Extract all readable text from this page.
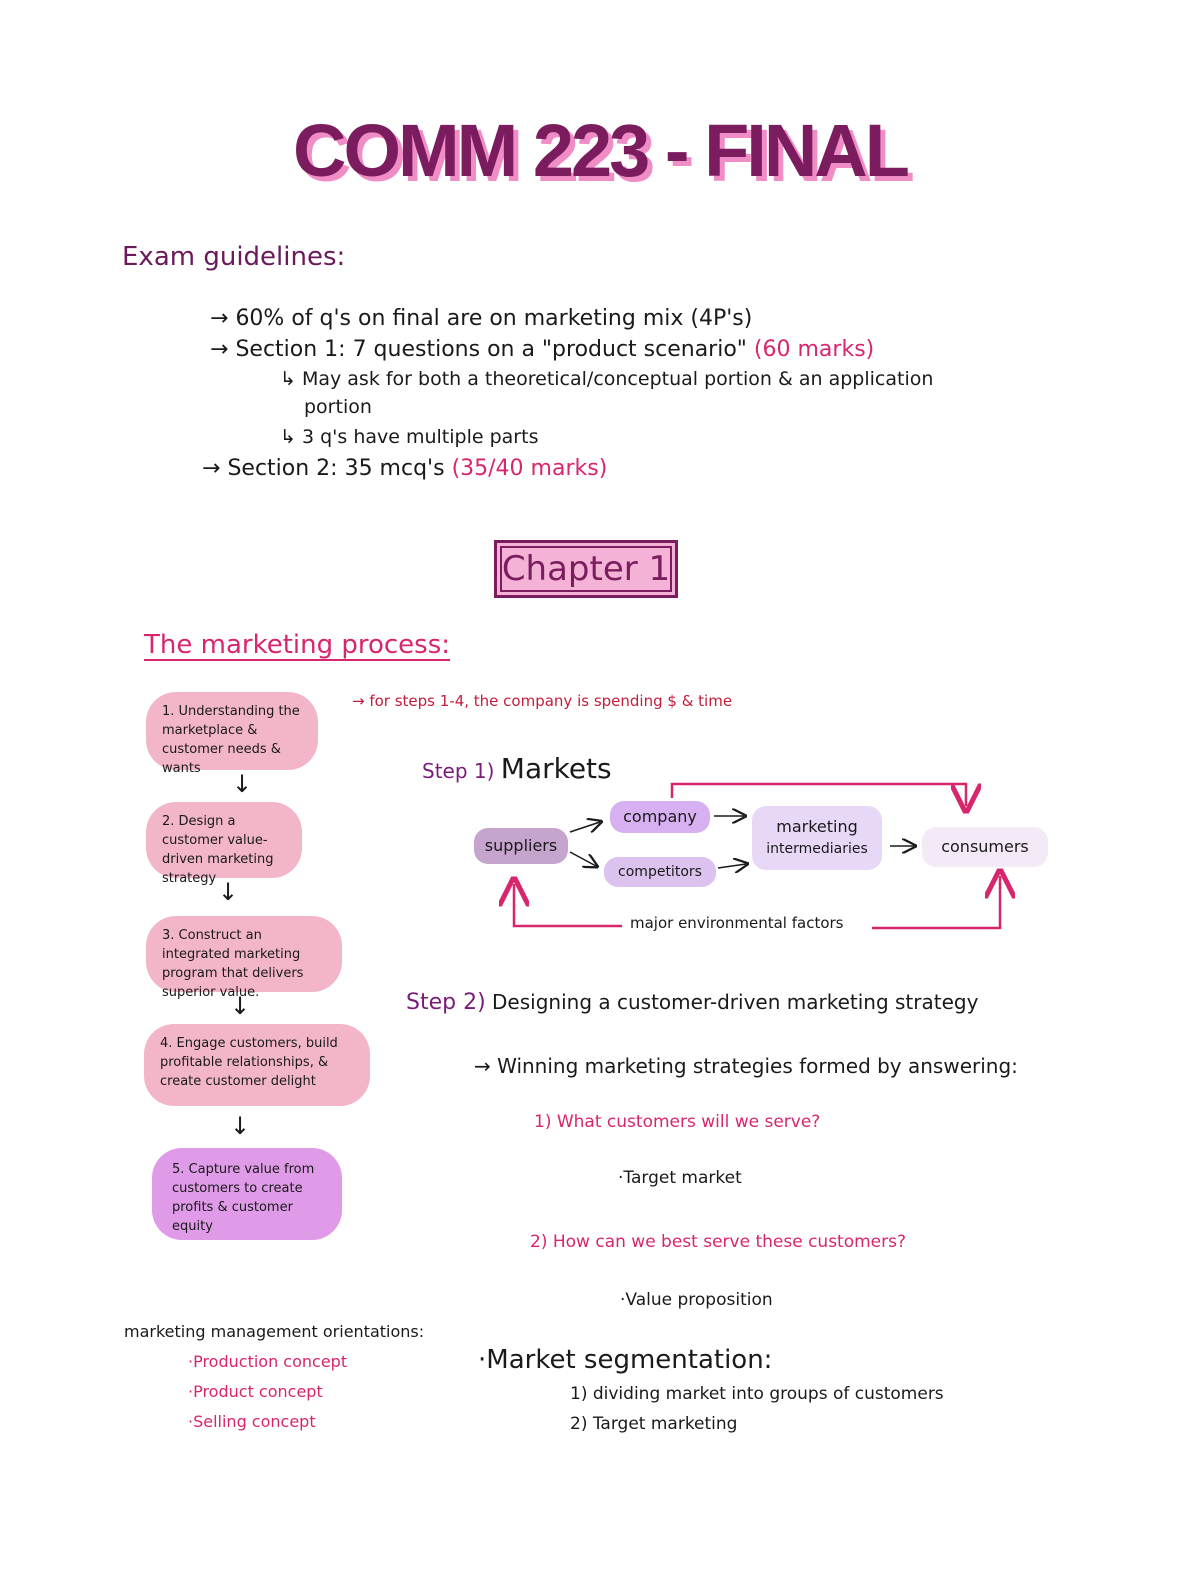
COMM 223 - FINAL
Exam guidelines:
→ 60% of q's on final are on marketing mix (4P's)
→ Section 1: 7 questions on a "product scenario" (60 marks)
↳ May ask for both a theoretical/conceptual portion & an application
portion
↳ 3 q's have multiple parts
→ Section 2: 35 mcq's (35/40 marks)
Chapter 1
The marketing process:
1. Understanding the marketplace & customer needs & wants
↓
2. Design a customer value-driven marketing strategy ↓
3. Construct an integrated marketing program that delivers superior value.
↓
4. Engage customers, build profitable relationships, & create customer delight
↓
5. Capture value from customers to create profits & customer equity
→ for steps 1-4, the company is spending $ & time
Step 1) Markets
suppliers
company
competitors
marketing
intermediaries	consumers
major environmental factors
Step 2) Designing a customer-driven marketing strategy
→ Winning marketing strategies formed by answering:
1) What customers will we serve?
·Target market
2) How can we best serve these customers?
·Value proposition
marketing management orientations:
·Production concept
·Product concept
·Selling concept
·Market segmentation:
1) dividing market into groups of customers
2) Target marketing
